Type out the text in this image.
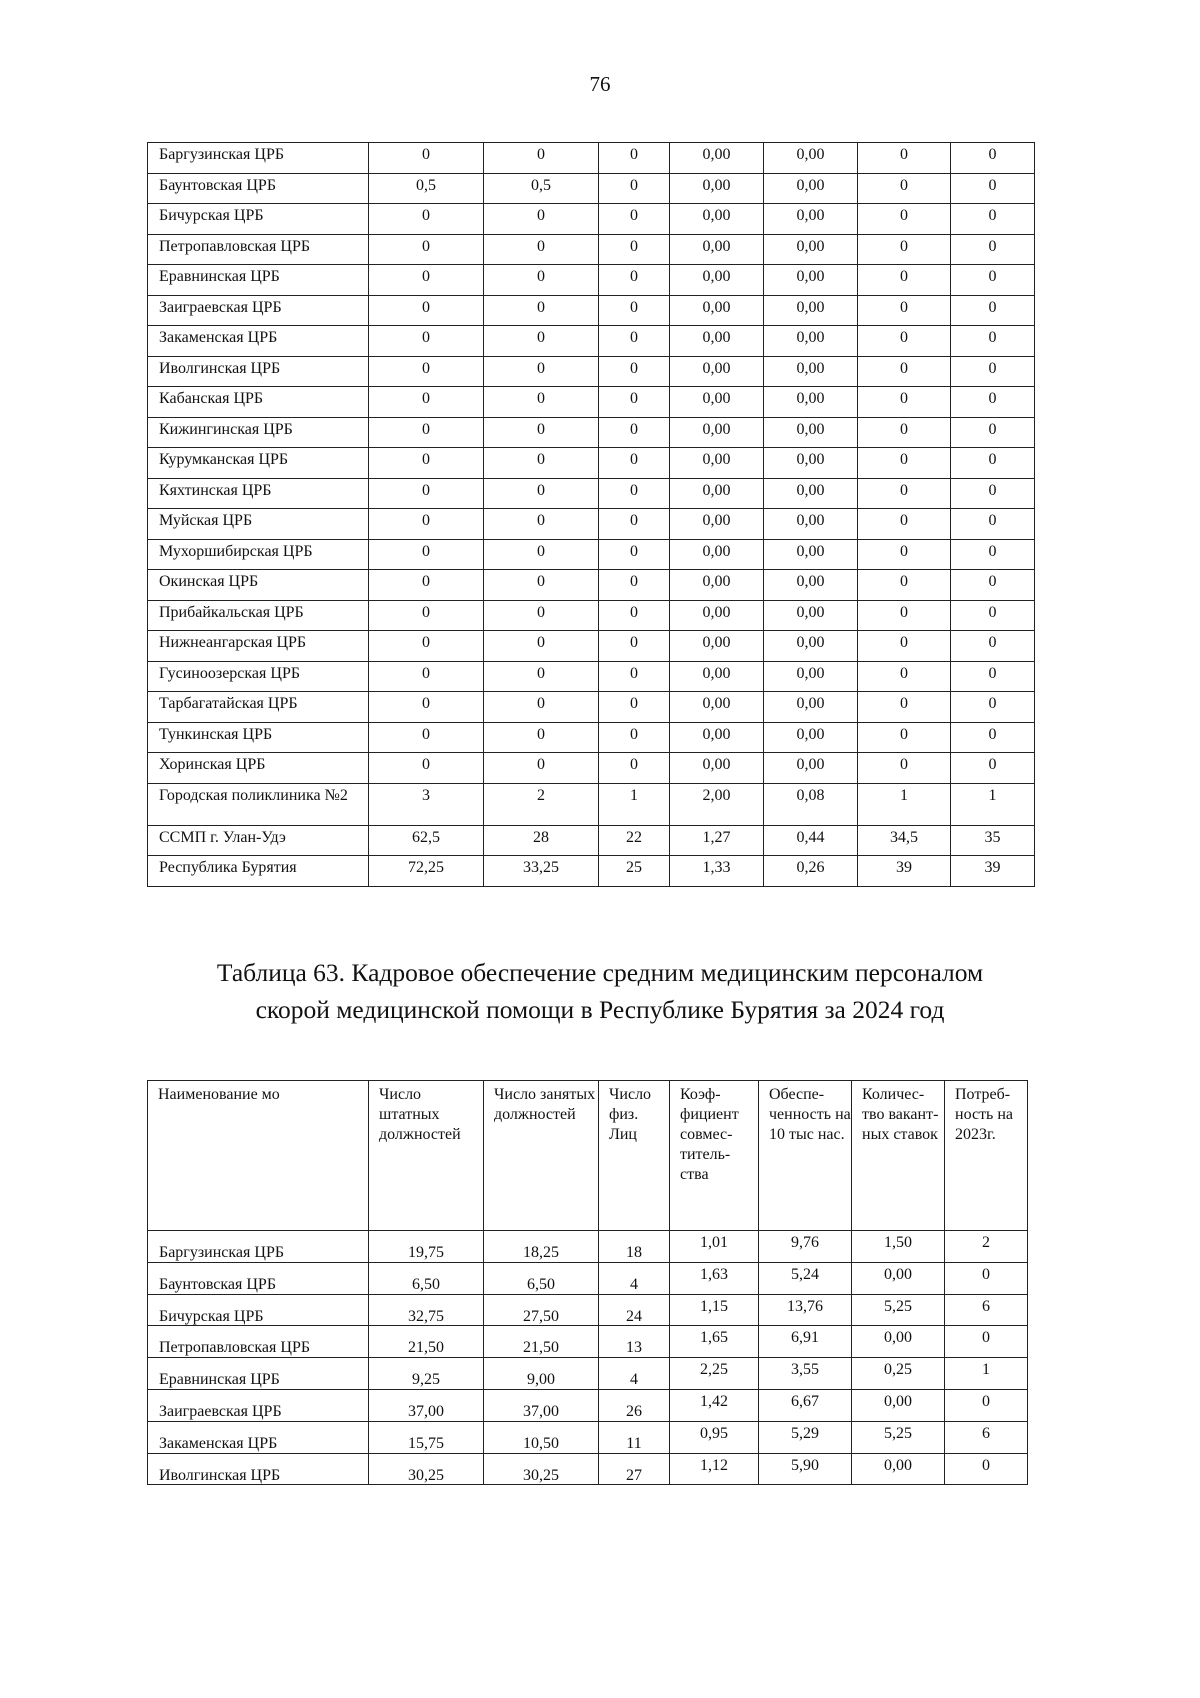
76
Баргузинская ЦРБ	0	0	0	0,00	0,00	0	0
Баунтовская ЦРБ	0,5	0,5	0	0,00	0,00	0	0
Бичурская ЦРБ	0	0	0	0,00	0,00	0	0
Петропавловская ЦРБ	0	0	0	0,00	0,00	0	0
Еравнинская ЦРБ	0	0	0	0,00	0,00	0	0
Заиграевская ЦРБ	0	0	0	0,00	0,00	0	0
Закаменская ЦРБ	0	0	0	0,00	0,00	0	0
Иволгинская ЦРБ	0	0	0	0,00	0,00	0	0
Кабанская ЦРБ	0	0	0	0,00	0,00	0	0
Кижингинская ЦРБ	0	0	0	0,00	0,00	0	0
Курумканская ЦРБ	0	0	0	0,00	0,00	0	0
Кяхтинская ЦРБ	0	0	0	0,00	0,00	0	0
Муйская ЦРБ	0	0	0	0,00	0,00	0	0
Мухоршибирская ЦРБ	0	0	0	0,00	0,00	0	0
Окинская ЦРБ	0	0	0	0,00	0,00	0	0
Прибайкальская ЦРБ	0	0	0	0,00	0,00	0	0
Нижнеангарская ЦРБ	0	0	0	0,00	0,00	0	0
Гусиноозерская ЦРБ	0	0	0	0,00	0,00	0	0
Тарбагатайская ЦРБ	0	0	0	0,00	0,00	0	0
Тункинская ЦРБ	0	0	0	0,00	0,00	0	0
Хоринская ЦРБ	0	0	0	0,00	0,00	0	0
Городская поликлиника №2	3	2	1	2,00	0,08	1	1
ССМП г. Улан-Удэ	62,5	28	22	1,27	0,44	34,5	35
Республика Бурятия	72,25	33,25	25	1,33	0,26	39	39
Таблица 63. Кадровое обеспечение средним медицинским персоналом
скорой медицинской помощи в Республике Бурятия за 2024 год
Наименование мо	Число штатных должностей	Число занятых должностей	Число физ. Лиц	Коэф-фициент совмес-титель-ства	Обеспе-ченность на 10 тыс нас.	Количес-тво вакант-ных ставок	Потреб-ность на 2023г.
Баргузинская ЦРБ	19,75	18,25	18	1,01	9,76	1,50	2
Баунтовская ЦРБ	6,50	6,50	4	1,63	5,24	0,00	0
Бичурская ЦРБ	32,75	27,50	24	1,15	13,76	5,25	6
Петропавловская ЦРБ	21,50	21,50	13	1,65	6,91	0,00	0
Еравнинская ЦРБ	9,25	9,00	4	2,25	3,55	0,25	1
Заиграевская ЦРБ	37,00	37,00	26	1,42	6,67	0,00	0
Закаменская ЦРБ	15,75	10,50	11	0,95	5,29	5,25	6
Иволгинская ЦРБ	30,25	30,25	27	1,12	5,90	0,00	0
